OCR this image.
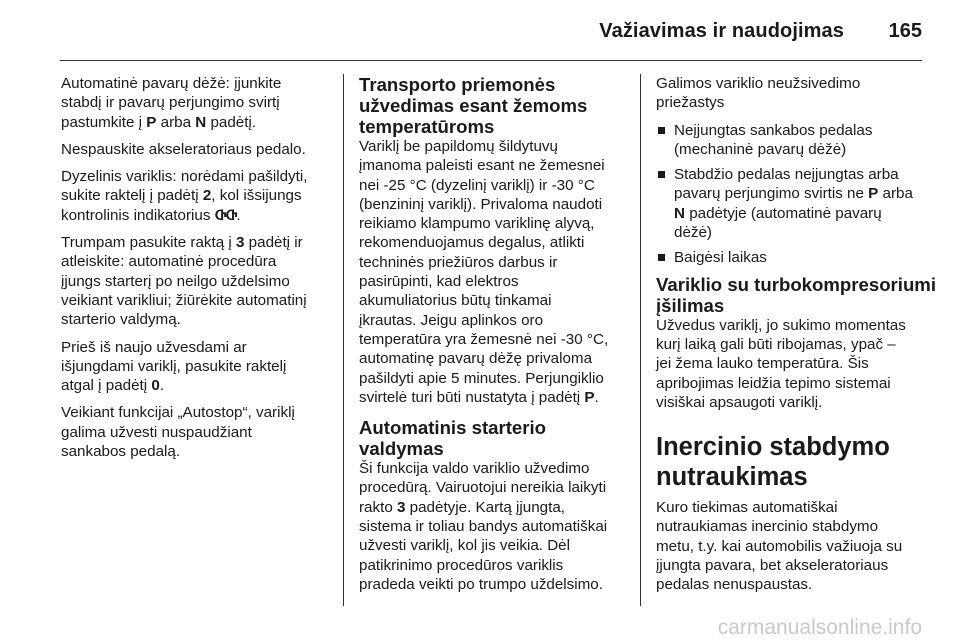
Važiavimas ir naudojimas 165

Automatinė pavarų dėžė: įjunkite
stabdį ir pavarų perjungimo svirtį
pastumkite į P arba N padėtį.

Nespauskite akseleratoriaus pedalo.

Dyzelinis variklis: norėdami pašildyti,
sukite raktelį į padėtį 2, kol išsijungs
kontrolinis indikatorius ႧႧ.

Trumpam pasukite raktą į 3 padėtį ir
atleiskite: automatinė procedūra
įjungs starterį po neilgo uždelsimo
veikiant varikliui; žiūrėkite automatinį
starterio valdymą.

Prieš iš naujo užvesdami ar
išjungdami variklį, pasukite raktelį
atgal į padėtį 0.

Veikiant funkcijai „Autostop“, variklį
galima užvesti nuspaudžiant
sankabos pedalą.

Transporto priemonės
užvedimas esant žemoms
temperatūroms

Variklį be papildomų šildytuvų
įmanoma paleisti esant ne žemesnei
nei -25 °C (dyzelinį variklį) ir -30 °C
(benzininį variklį). Privaloma naudoti
reikiamo klampumo variklinę alyvą,
rekomenduojamus degalus, atlikti
techninės priežiūros darbus ir
pasirūpinti, kad elektros
akumuliatorius būtų tinkamai
įkrautas. Jeigu aplinkos oro
temperatūra yra žemesnė nei -30 °C,
automatinę pavarų dėžę privaloma
pašildyti apie 5 minutes. Perjungiklio
svirtelė turi būti nustatyta į padėtį P.

Automatinis starterio valdymas

Ši funkcija valdo variklio užvedimo
procedūrą. Vairuotojui nereikia laikyti
rakto 3 padėtyje. Kartą įjungta,
sistema ir toliau bandys automatiškai
užvesti variklį, kol jis veikia. Dėl
patikrinimo procedūros variklis
pradeda veikti po trumpo uždelsimo.

Galimos variklio neužsivedimo
priežastys

Neįjungtas sankabos pedalas
(mechaninė pavarų dėžė)
Stabdžio pedalas neįjungtas arba
pavarų perjungimo svirtis ne P arba
N padėtyje (automatinė pavarų
dėžė)
Baigėsi laikas
Variklio su turbokompresoriumi
įšilimas

Užvedus variklį, jo sukimo momentas
kurį laiką gali būti ribojamas, ypač –
jei žema lauko temperatūra. Šis
apribojimas leidžia tepimo sistemai
visiškai apsaugoti variklį.

Inercinio stabdymo
nutraukimas

Kuro tiekimas automatiškai
nutraukiamas inercinio stabdymo
metu, t.y. kai automobilis važiuoja su
įjungta pavara, bet akseleratoriaus
pedalas nenuspaustas.

carmanualsonline.info
